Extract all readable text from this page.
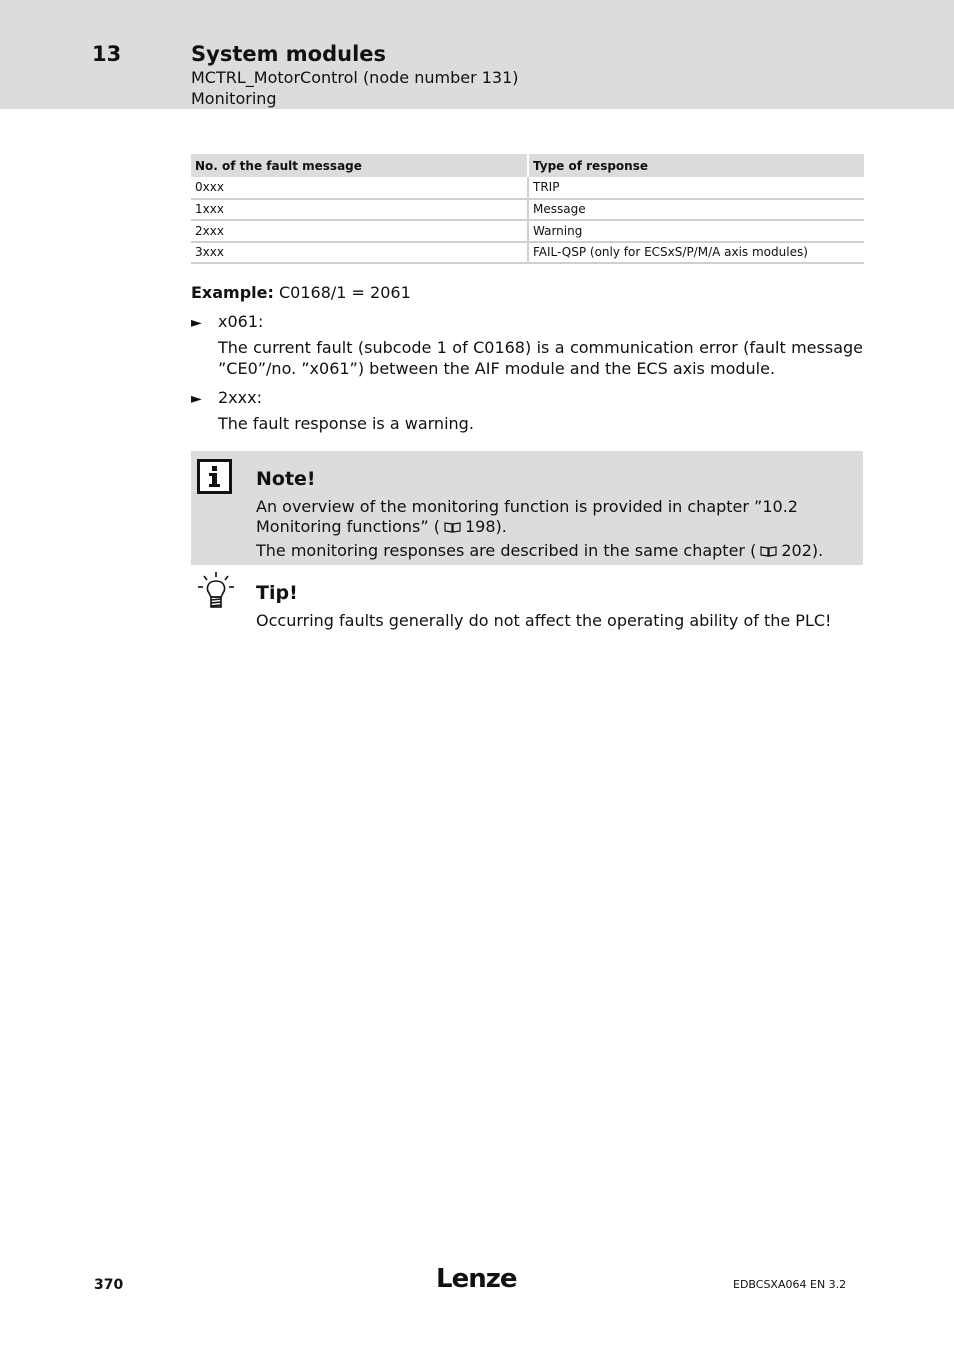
13	System modules
MCTRL_MotorControl (node number 131)
Monitoring
No. of the fault message	Type of response
0xxx	TRIP
1xxx	Message
2xxx	Warning
3xxx	FAIL-QSP (only for ECSxS/P/M/A axis modules)
Example: C0168/1 = 2061
► x061:
The current fault (subcode 1 of C0168) is a communication error (fault message ”CE0”/no. ”x061”) between the AIF module and the ECS axis module.
► 2xxx:
The fault response is a warning.
Note!
An overview of the monitoring function is provided in chapter ”10.2
Monitoring functions” ( 198).
The monitoring responses are described in the same chapter ( 202).
Tip!
Occurring faults generally do not affect the operating ability of the PLC!
370	Lenze	EDBCSXA064 EN 3.2
